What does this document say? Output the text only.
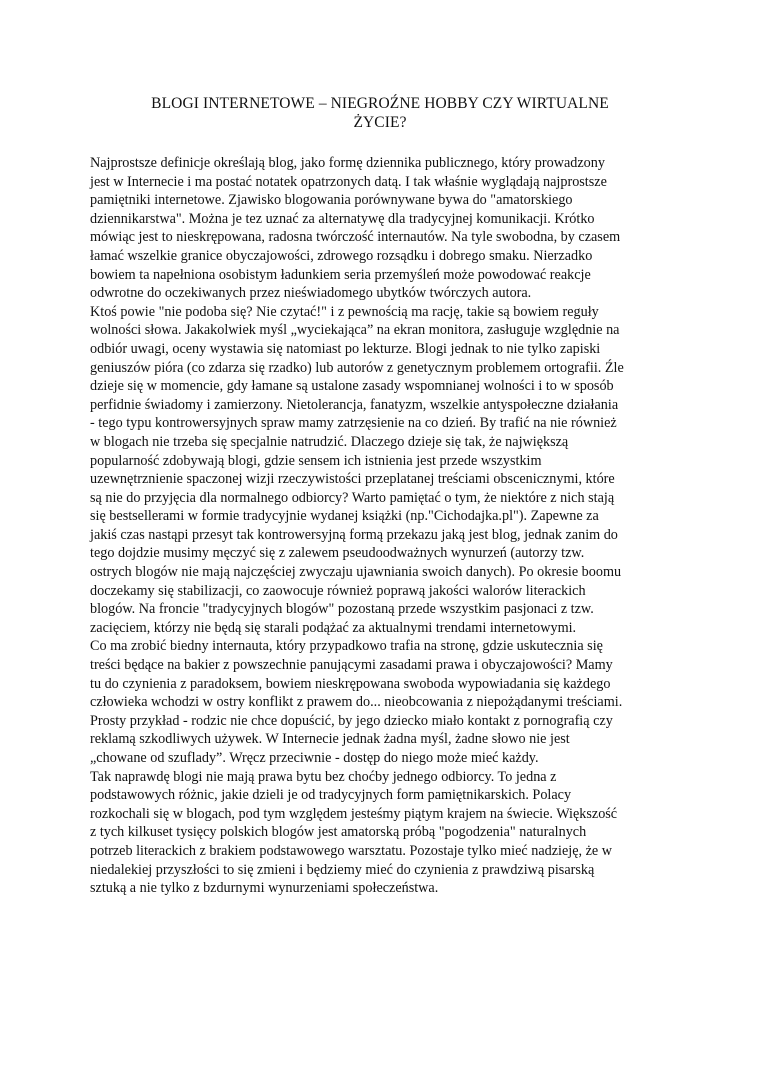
BLOGI INTERNETOWE – NIEGROŹNE HOBBY CZY WIRTUALNE
ŻYCIE?
Najprostsze definicje określają blog, jako formę dziennika publicznego, który prowadzony
jest w Internecie i ma postać notatek opatrzonych datą. I tak właśnie wyglądają najprostsze
pamiętniki internetowe. Zjawisko blogowania porównywane bywa do "amatorskiego
dziennikarstwa". Można je tez uznać za alternatywę dla tradycyjnej komunikacji. Krótko
mówiąc jest to nieskrępowana, radosna twórczość internautów. Na tyle swobodna, by czasem
łamać wszelkie granice obyczajowości, zdrowego rozsądku i dobrego smaku. Nierzadko
bowiem ta napełniona osobistym ładunkiem seria przemyśleń może powodować reakcje
odwrotne do oczekiwanych przez nieświadomego ubytków twórczych autora.
Ktoś powie "nie podoba się? Nie czytać!" i z pewnością ma rację, takie są bowiem reguły
wolności słowa. Jakakolwiek myśl „wyciekająca” na ekran monitora, zasługuje względnie na
odbiór uwagi, oceny wystawia się natomiast po lekturze. Blogi jednak to nie tylko zapiski
geniuszów pióra (co zdarza się rzadko) lub autorów z genetycznym problemem ortografii. Źle
dzieje się w momencie, gdy łamane są ustalone zasady wspomnianej wolności i to w sposób
perfidnie świadomy i zamierzony. Nietolerancja, fanatyzm, wszelkie antyspołeczne działania
- tego typu kontrowersyjnych spraw mamy zatrzęsienie na co dzień. By trafić na nie również
w blogach nie trzeba się specjalnie natrudzić. Dlaczego dzieje się tak, że największą
popularność zdobywają blogi, gdzie sensem ich istnienia jest przede wszystkim
uzewnętrznienie spaczonej wizji rzeczywistości przeplatanej treściami obscenicznymi, które
są nie do przyjęcia dla normalnego odbiorcy? Warto pamiętać o tym, że niektóre z nich stają
się bestsellerami w formie tradycyjnie wydanej książki (np."Cichodajka.pl"). Zapewne za
jakiś czas nastąpi przesyt tak kontrowersyjną formą przekazu jaką jest blog, jednak zanim do
tego dojdzie musimy męczyć się z zalewem pseudoodważnych wynurzeń (autorzy tzw.
ostrych blogów nie mają najczęściej zwyczaju ujawniania swoich danych). Po okresie boomu
doczekamy się stabilizacji, co zaowocuje również poprawą jakości walorów literackich
blogów. Na froncie "tradycyjnych blogów" pozostaną przede wszystkim pasjonaci z tzw.
zacięciem, którzy nie będą się starali podążać za aktualnymi trendami internetowymi.
Co ma zrobić biedny internauta, który przypadkowo trafia na stronę, gdzie uskutecznia się
treści będące na bakier z powszechnie panującymi zasadami prawa i obyczajowości? Mamy
tu do czynienia z paradoksem, bowiem nieskrępowana swoboda wypowiadania się każdego
człowieka wchodzi w ostry konflikt z prawem do... nieobcowania z niepożądanymi treściami.
Prosty przykład - rodzic nie chce dopuścić, by jego dziecko miało kontakt z pornografią czy
reklamą szkodliwych używek. W Internecie jednak żadna myśl, żadne słowo nie jest
„chowane od szuflady”. Wręcz przeciwnie - dostęp do niego może mieć każdy.
Tak naprawdę blogi nie mają prawa bytu bez choćby jednego odbiorcy. To jedna z
podstawowych różnic, jakie dzieli je od tradycyjnych form pamiętnikarskich. Polacy
rozkochali się w blogach, pod tym względem jesteśmy piątym krajem na świecie. Większość
z tych kilkuset tysięcy polskich blogów jest amatorską próbą "pogodzenia" naturalnych
potrzeb literackich z brakiem podstawowego warsztatu. Pozostaje tylko mieć nadzieję, że w
niedalekiej przyszłości to się zmieni i będziemy mieć do czynienia z prawdziwą pisarską
sztuką a nie tylko z bzdurnymi wynurzeniami społeczeństwa.
